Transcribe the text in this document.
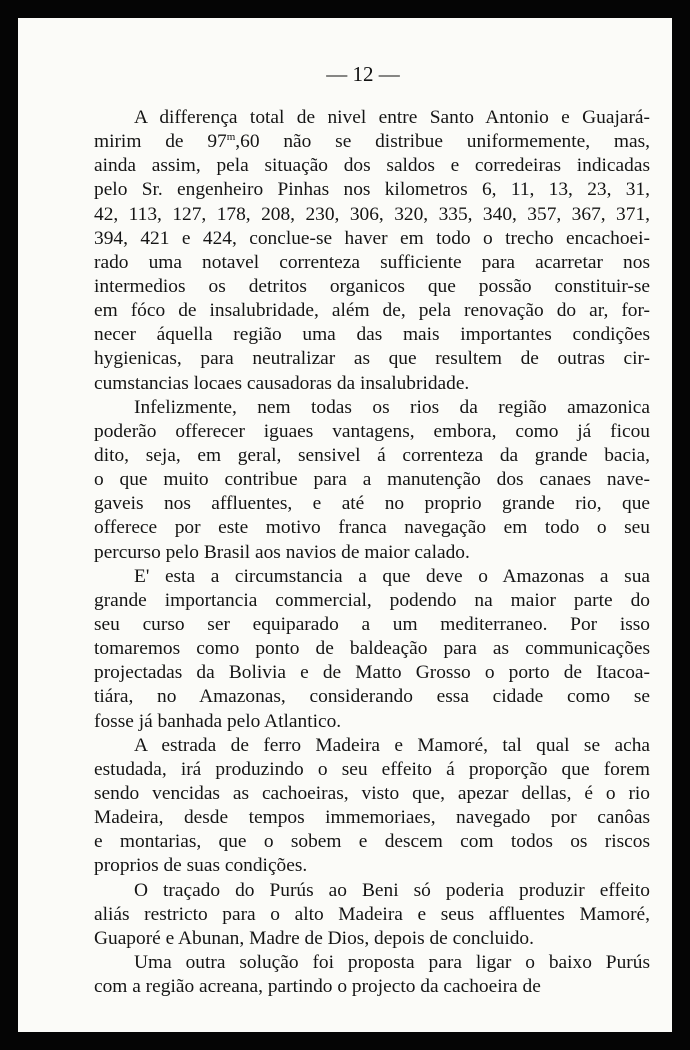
— 12 —
A differença total de nivel entre Santo Antonio e Guajará-
mirim de 97$^m$,60 não se distribue uniformemente, mas,
ainda assim, pela situação dos saldos e corredeiras indicadas
pelo Sr. engenheiro Pinhas nos kilometros 6, 11, 13, 23, 31,
42, 113, 127, 178, 208, 230, 306, 320, 335, 340, 357, 367, 371,
394, 421 e 424, conclue-se haver em todo o trecho encachoei-
rado uma notavel correnteza sufficiente para acarretar nos
intermedios os detritos organicos que possão constituir-se
em fóco de insalubridade, além de, pela renovação do ar, for-
necer áquella região uma das mais importantes condições
hygienicas, para neutralizar as que resultem de outras cir-
cumstancias locaes causadoras da insalubridade.
Infelizmente, nem todas os rios da região amazonica
poderão offerecer iguaes vantagens, embora, como já ficou
dito, seja, em geral, sensivel á correnteza da grande bacia,
o que muito contribue para a manutenção dos canaes nave-
gaveis nos affluentes, e até no proprio grande rio, que
offerece por este motivo franca navegação em todo o seu
percurso pelo Brasil aos navios de maior calado.
E' esta a circumstancia a que deve o Amazonas a sua
grande importancia commercial, podendo na maior parte do
seu curso ser equiparado a um mediterraneo. Por isso
tomaremos como ponto de baldeação para as communicações
projectadas da Bolivia e de Matto Grosso o porto de Itacoa-
tiára, no Amazonas, considerando essa cidade como se
fosse já banhada pelo Atlantico.
A estrada de ferro Madeira e Mamoré, tal qual se acha
estudada, irá produzindo o seu effeito á proporção que forem
sendo vencidas as cachoeiras, visto que, apezar dellas, é o rio
Madeira, desde tempos immemoriaes, navegado por canôas
e montarias, que o sobem e descem com todos os riscos
proprios de suas condições.
O traçado do Purús ao Beni só poderia produzir effeito
aliás restricto para o alto Madeira e seus affluentes Mamoré,
Guaporé e Abunan, Madre de Dios, depois de concluido.
Uma outra solução foi proposta para ligar o baixo Purús
com a região acreana, partindo o projecto da cachoeira de
